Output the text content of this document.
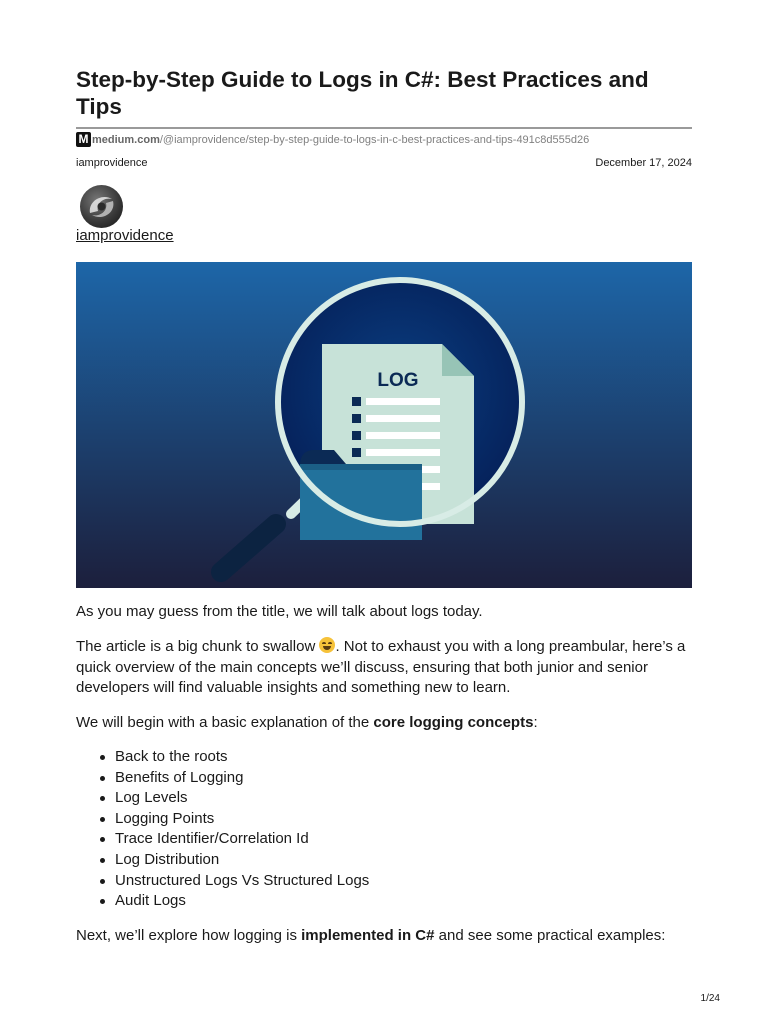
Step-by-Step Guide to Logs in C#: Best Practices and Tips
M medium.com/@iamprovidence/step-by-step-guide-to-logs-in-c-best-practices-and-tips-491c8d555d26
iamprovidence	December 17, 2024
iamprovidence
LOG

As you may guess from the title, we will talk about logs today.

The article is a big chunk to swallow
. Not to exhaust you with a long preambular, here’s a quick overview of the main concepts we’ll discuss, ensuring that both junior and senior developers will find valuable insights and something new to learn.

We will begin with a basic explanation of the core logging concepts:

Back to the roots
Benefits of Logging
Log Levels
Logging Points
Trace Identifier/Correlation Id
Log Distribution
Unstructured Logs Vs Structured Logs
Audit Logs

Next, we’ll explore how logging is implemented in C# and see some practical examples:

1/24
